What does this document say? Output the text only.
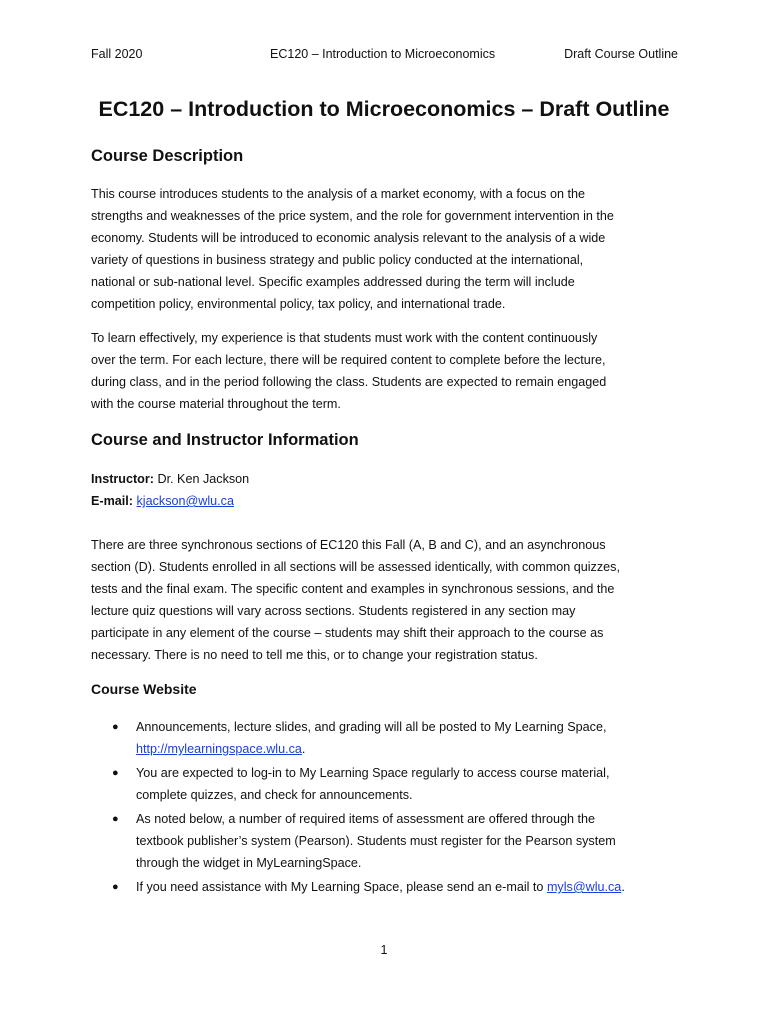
Fall 2020	EC120 – Introduction to Microeconomics	Draft Course Outline
EC120 – Introduction to Microeconomics – Draft Outline
Course Description

This course introduces students to the analysis of a market economy, with a focus on the
strengths and weaknesses of the price system, and the role for government intervention in the
economy. Students will be introduced to economic analysis relevant to the analysis of a wide
variety of questions in business strategy and public policy conducted at the international,
national or sub-national level. Specific examples addressed during the term will include
competition policy, environmental policy, tax policy, and international trade.

To learn effectively, my experience is that students must work with the content continuously
over the term. For each lecture, there will be required content to complete before the lecture,
during class, and in the period following the class. Students are expected to remain engaged
with the course material throughout the term.

Course and Instructor Information
Instructor: Dr. Ken Jackson
E-mail: kjackson@wlu.ca

There are three synchronous sections of EC120 this Fall (A, B and C), and an asynchronous
section (D). Students enrolled in all sections will be assessed identically, with common quizzes,
tests and the final exam. The specific content and examples in synchronous sessions, and the
lecture quiz questions will vary across sections. Students registered in any section may
participate in any element of the course – students may shift their approach to the course as
necessary. There is no need to tell me this, or to change your registration status.

Course Website
● Announcements, lecture slides, and grading will all be posted to My Learning Space,
http://mylearningspace.wlu.ca.
● You are expected to log-in to My Learning Space regularly to access course material,
complete quizzes, and check for announcements.
● As noted below, a number of required items of assessment are offered through the
textbook publisher’s system (Pearson). Students must register for the Pearson system
through the widget in MyLearningSpace.
● If you need assistance with My Learning Space, please send an e-mail to myls@wlu.ca.
1
